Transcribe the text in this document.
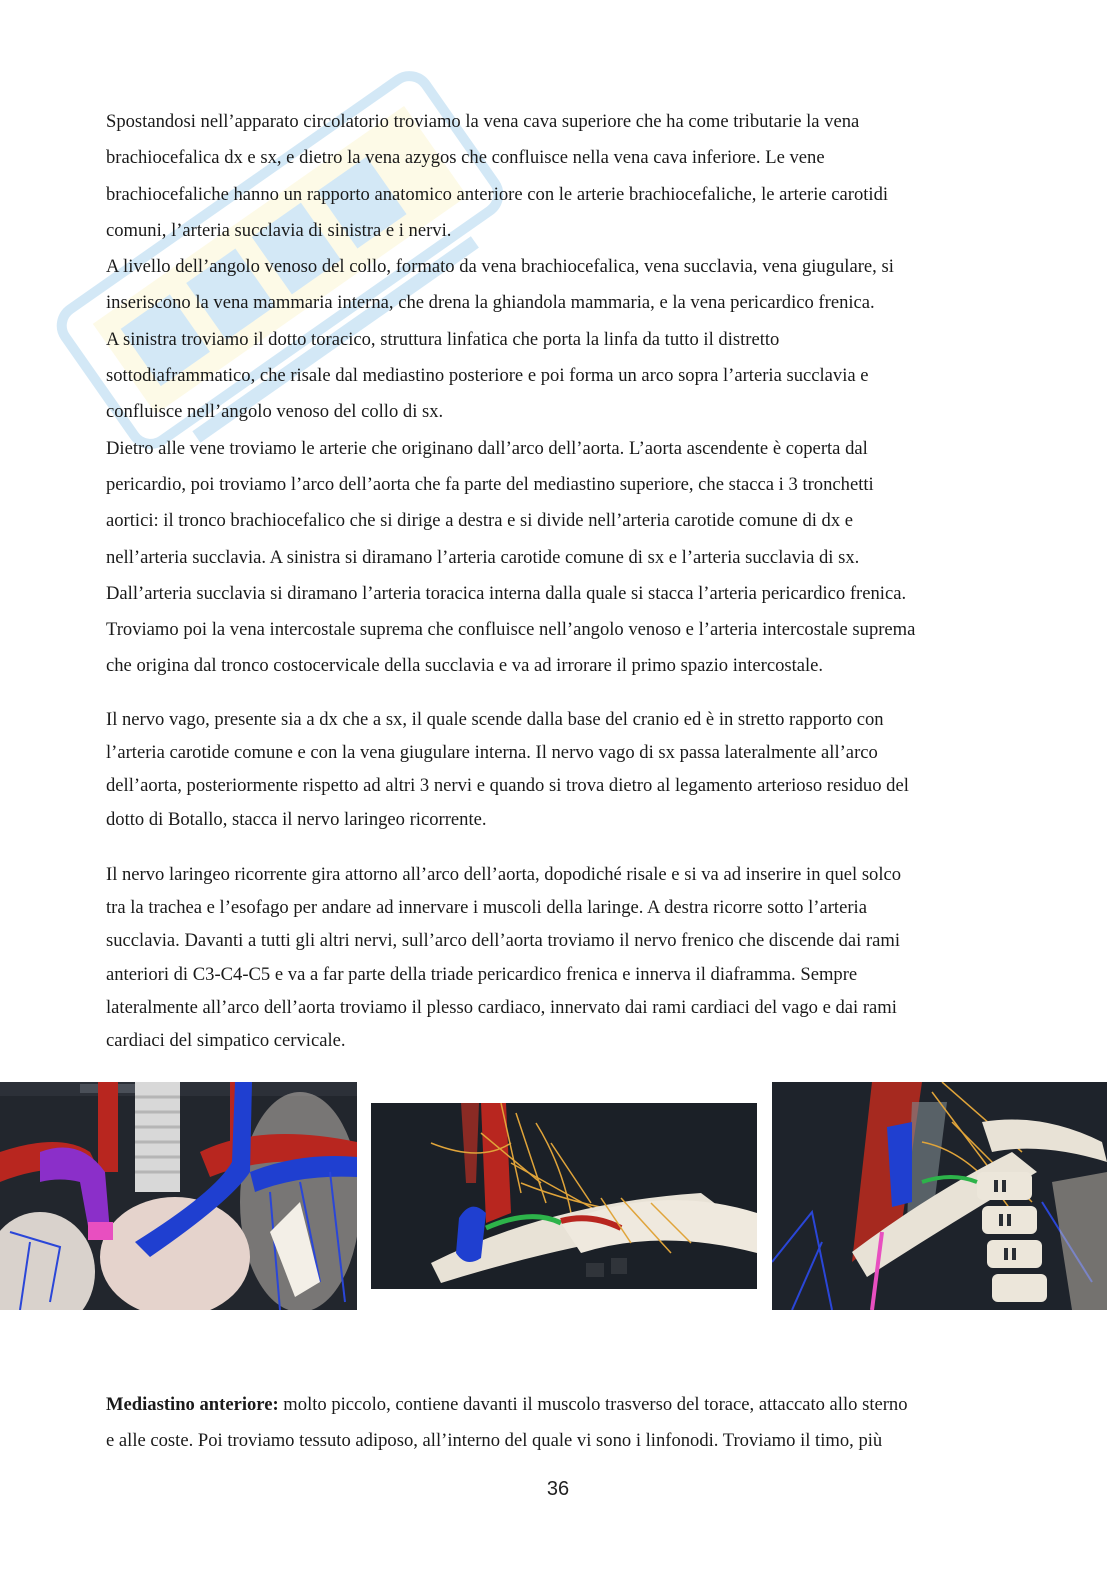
Spostandosi nell’apparato circolatorio troviamo la vena cava superiore che ha come tributarie la vena

brachiocefalica dx e sx, e dietro la vena azygos che confluisce nella vena cava inferiore. Le vene

brachiocefaliche hanno un rapporto anatomico anteriore con le arterie brachiocefaliche, le arterie carotidi

comuni, l’arteria succlavia di sinistra e i nervi.

A livello dell’angolo venoso del collo, formato da vena brachiocefalica, vena succlavia, vena giugulare, si

inseriscono la vena mammaria interna, che drena la ghiandola mammaria, e la vena pericardico frenica.

A sinistra troviamo il dotto toracico, struttura linfatica che porta la linfa da tutto il distretto

sottodiaframmatico, che risale dal mediastino posteriore e poi forma un arco sopra l’arteria succlavia e

confluisce nell’angolo venoso del collo di sx.

Dietro alle vene troviamo le arterie che originano dall’arco dell’aorta. L’aorta ascendente è coperta dal

pericardio, poi troviamo l’arco dell’aorta che fa parte del mediastino superiore, che stacca i 3 tronchetti

aortici: il tronco brachiocefalico che si dirige a destra e si divide nell’arteria carotide comune di dx e

nell’arteria succlavia. A sinistra si diramano l’arteria carotide comune di sx e l’arteria succlavia di sx.

Dall’arteria succlavia si diramano l’arteria toracica interna dalla quale si stacca l’arteria pericardico frenica.

Troviamo poi la vena intercostale suprema che confluisce nell’angolo venoso e l’arteria intercostale suprema

che origina dal tronco costocervicale della succlavia e va ad irrorare il primo spazio intercostale.

Il nervo vago, presente sia a dx che a sx, il quale scende dalla base del cranio ed è in stretto rapporto con

l’arteria carotide comune e con la vena giugulare interna. Il nervo vago di sx passa lateralmente all’arco

dell’aorta, posteriormente rispetto ad altri 3 nervi e quando si trova dietro al legamento arterioso residuo del

dotto di Botallo, stacca il nervo laringeo ricorrente.

Il nervo laringeo ricorrente gira attorno all’arco dell’aorta, dopodiché risale e si va ad inserire in quel solco

tra la trachea e l’esofago per andare ad innervare i muscoli della laringe. A destra ricorre sotto l’arteria

succlavia. Davanti a tutti gli altri nervi, sull’arco dell’aorta troviamo il nervo frenico che discende dai rami

anteriori di C3-C4-C5 e va a far parte della triade pericardico frenica e innerva il diaframma. Sempre

lateralmente all’arco dell’aorta troviamo il plesso cardiaco, innervato dai rami cardiaci del vago e dai rami

cardiaci del simpatico cervicale.

Mediastino anteriore: molto piccolo, contiene davanti il muscolo trasverso del torace, attaccato allo sterno

e alle coste. Poi troviamo tessuto adiposo, all’interno del quale vi sono i linfonodi. Troviamo il timo, più

36
